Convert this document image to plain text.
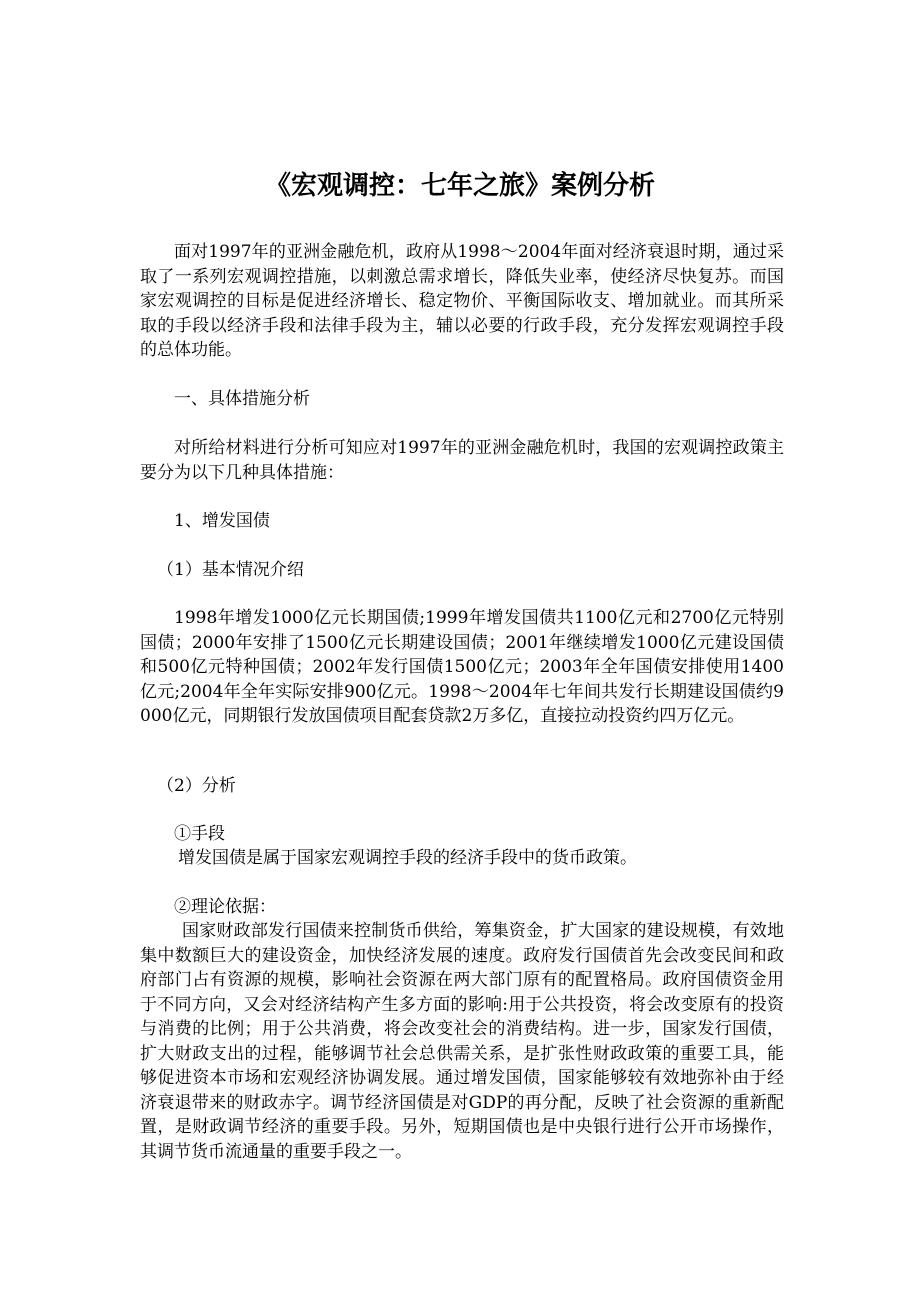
《宏观调控：七年之旅》案例分析

面对1997年的亚洲金融危机，政府从1998～2004年面对经济衰退时期，通过采取了一系列宏观调控措施，以刺激总需求增长，降低失业率，使经济尽快复苏。而国家宏观调控的目标是促进经济增长、稳定物价、平衡国际收支、增加就业。而其所采取的手段以经济手段和法律手段为主，辅以必要的行政手段，充分发挥宏观调控手段的总体功能。

一、具体措施分析

对所给材料进行分析可知应对1997年的亚洲金融危机时，我国的宏观调控政策主要分为以下几种具体措施：

1、增发国债

（1）基本情况介绍

1998年增发1000亿元长期国债;1999年增发国债共1100亿元和2700亿元特别国债；2000年安排了1500亿元长期建设国债；2001年继续增发1000亿元建设国债和500亿元特种国债；2002年发行国债1500亿元；2003年全年国债安排使用1400亿元;2004年全年实际安排900亿元。1998～2004年七年间共发行长期建设国债约9000亿元，同期银行发放国债项目配套贷款2万多亿，直接拉动投资约四万亿元。

（2）分析

①手段

增发国债是属于国家宏观调控手段的经济手段中的货币政策。

②理论依据：

国家财政部发行国债来控制货币供给，筹集资金，扩大国家的建设规模，有效地集中数额巨大的建设资金，加快经济发展的速度。政府发行国债首先会改变民间和政府部门占有资源的规模，影响社会资源在两大部门原有的配置格局。政府国债资金用于不同方向，又会对经济结构产生多方面的影响:用于公共投资，将会改变原有的投资与消费的比例；用于公共消费，将会改变社会的消费结构。进一步，国家发行国债，扩大财政支出的过程，能够调节社会总供需关系，是扩张性财政政策的重要工具，能够促进资本市场和宏观经济协调发展。通过增发国债，国家能够较有效地弥补由于经济衰退带来的财政赤字。调节经济国债是对GDP的再分配，反映了社会资源的重新配置，是财政调节经济的重要手段。另外，短期国债也是中央银行进行公开市场操作，其调节货币流通量的重要手段之一。
